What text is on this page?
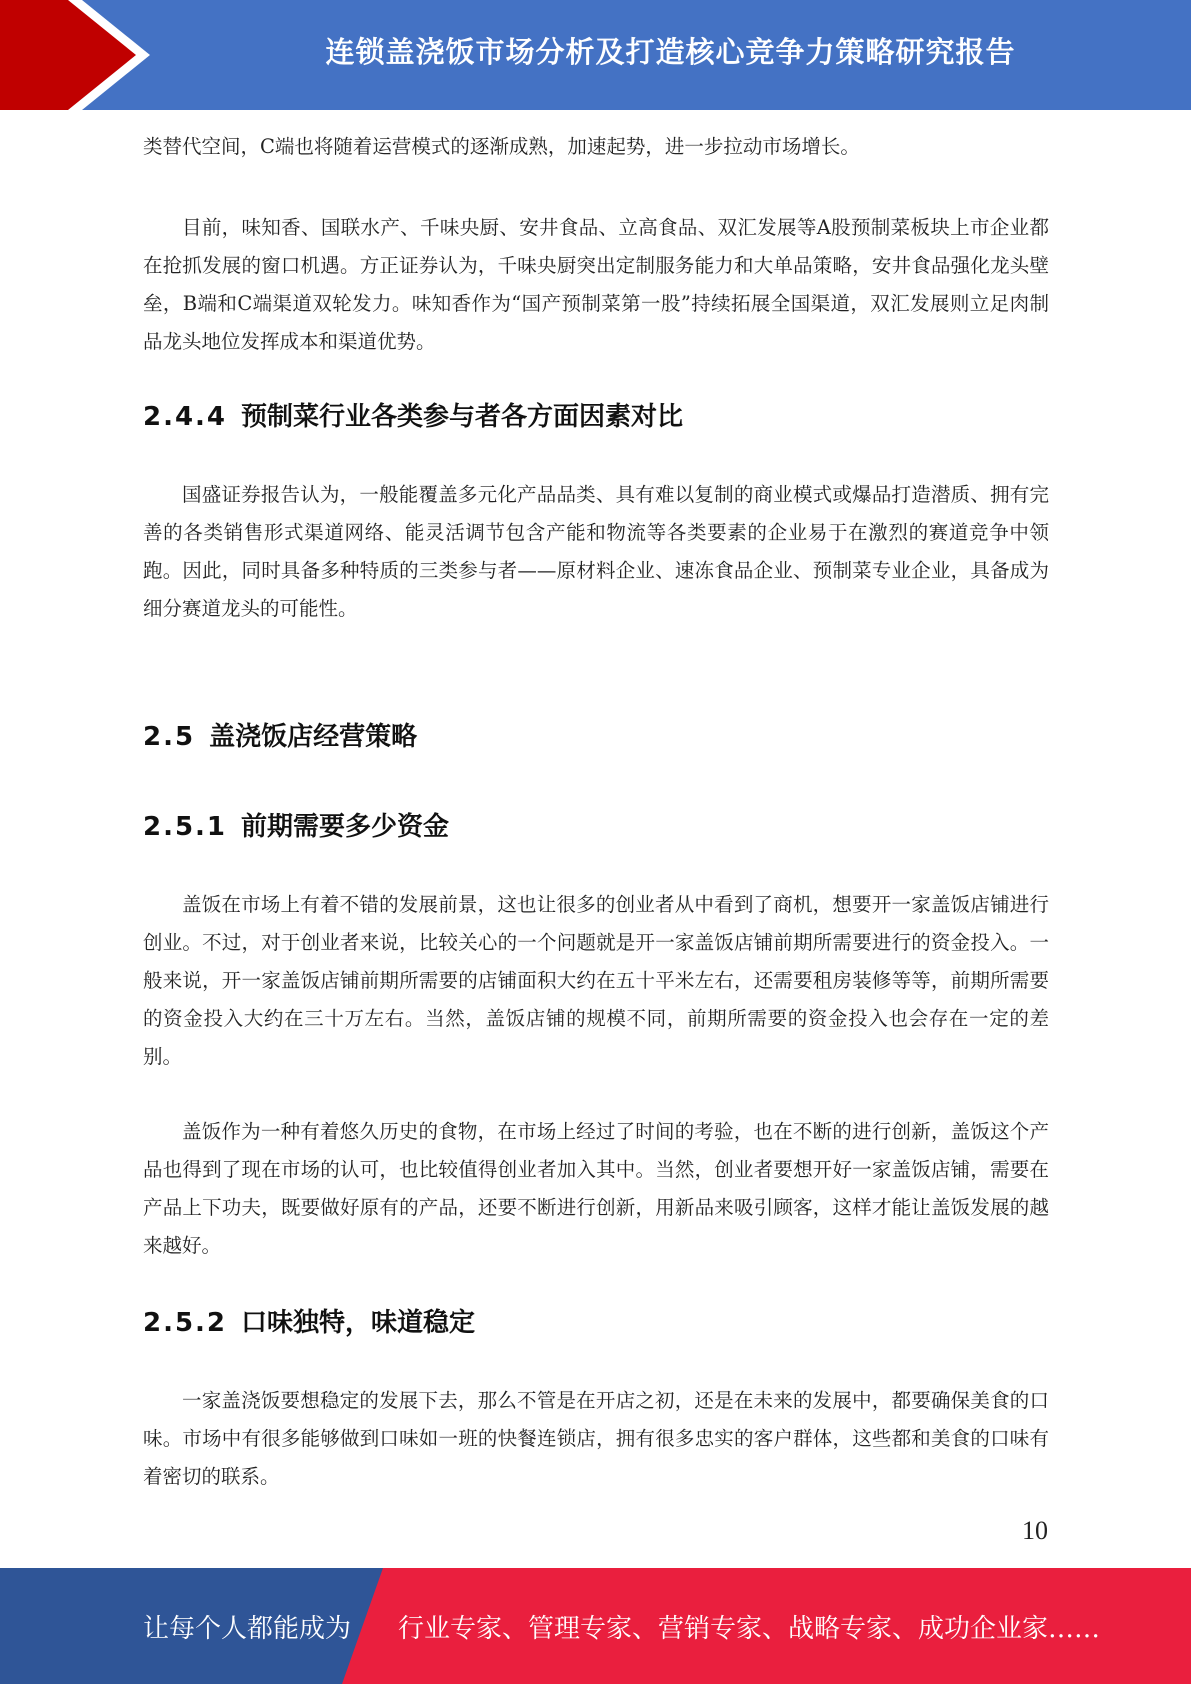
连锁盖浇饭市场分析及打造核心竞争力策略研究报告

类替代空间，C端也将随着运营模式的逐渐成熟，加速起势，进一步拉动市场增长。

目前，味知香、国联水产、千味央厨、安井食品、立高食品、双汇发展等A股预制菜板块上市企业都在抢抓发展的窗口机遇。方正证券认为，千味央厨突出定制服务能力和大单品策略，安井食品强化龙头壁垒，B端和C端渠道双轮发力。味知香作为“国产预制菜第一股”持续拓展全国渠道，双汇发展则立足肉制品龙头地位发挥成本和渠道优势。

2.4.4 预制菜行业各类参与者各方面因素对比

国盛证券报告认为，一般能覆盖多元化产品品类、具有难以复制的商业模式或爆品打造潜质、拥有完善的各类销售形式渠道网络、能灵活调节包含产能和物流等各类要素的企业易于在激烈的赛道竞争中领跑。因此，同时具备多种特质的三类参与者——原材料企业、速冻食品企业、预制菜专业企业，具备成为细分赛道龙头的可能性。

2.5 盖浇饭店经营策略
2.5.1 前期需要多少资金

盖饭在市场上有着不错的发展前景，这也让很多的创业者从中看到了商机，想要开一家盖饭店铺进行创业。不过，对于创业者来说，比较关心的一个问题就是开一家盖饭店铺前期所需要进行的资金投入。一般来说，开一家盖饭店铺前期所需要的店铺面积大约在五十平米左右，还需要租房装修等等，前期所需要的资金投入大约在三十万左右。当然，盖饭店铺的规模不同，前期所需要的资金投入也会存在一定的差别。

盖饭作为一种有着悠久历史的食物，在市场上经过了时间的考验，也在不断的进行创新，盖饭这个产品也得到了现在市场的认可，也比较值得创业者加入其中。当然，创业者要想开好一家盖饭店铺，需要在产品上下功夫，既要做好原有的产品，还要不断进行创新，用新品来吸引顾客，这样才能让盖饭发展的越来越好。

2.5.2 口味独特，味道稳定

一家盖浇饭要想稳定的发展下去，那么不管是在开店之初，还是在未来的发展中，都要确保美食的口味。市场中有很多能够做到口味如一班的快餐连锁店，拥有很多忠实的客户群体，这些都和美食的口味有着密切的联系。

10
让每个人都能成为 行业专家、管理专家、营销专家、战略专家、成功企业家……
